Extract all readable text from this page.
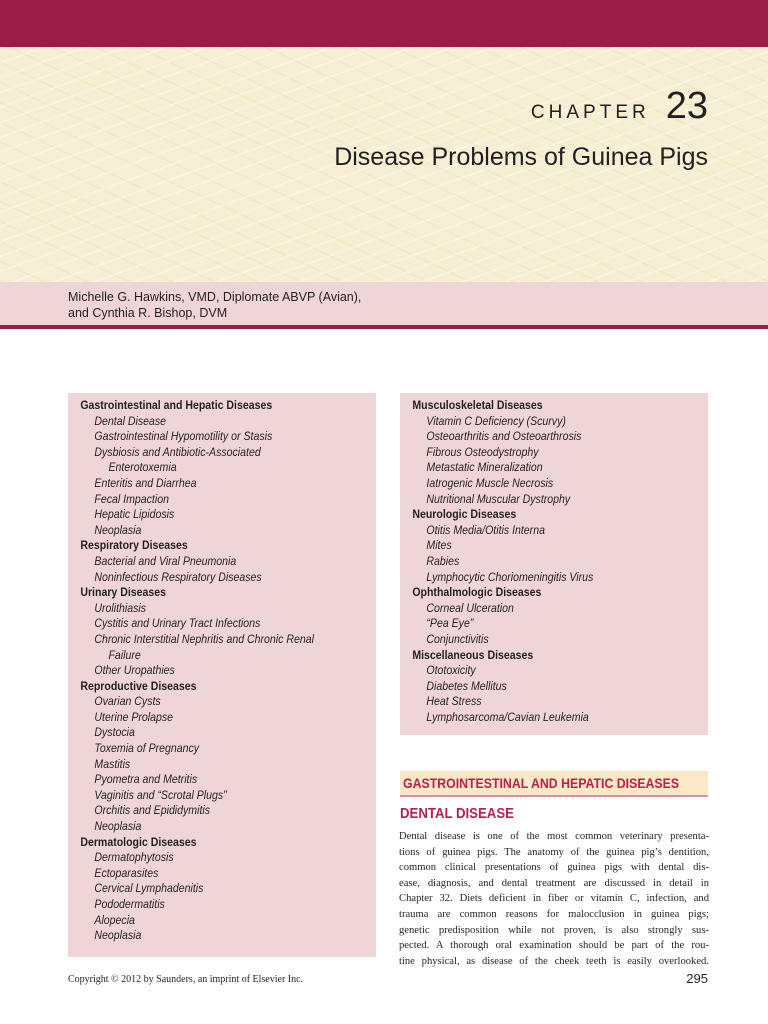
CHAPTER 23
Disease Problems of Guinea Pigs
Michelle G. Hawkins, VMD, Diplomate ABVP (Avian),
and Cynthia R. Bishop, DVM
Gastrointestinal and Hepatic Diseases
Dental Disease
Gastrointestinal Hypomotility or Stasis
Dysbiosis and Antibiotic-Associated
Enterotoxemia
Enteritis and Diarrhea
Fecal Impaction
Hepatic Lipidosis
Neoplasia
Respiratory Diseases
Bacterial and Viral Pneumonia
Noninfectious Respiratory Diseases
Urinary Diseases
Urolithiasis
Cystitis and Urinary Tract Infections
Chronic Interstitial Nephritis and Chronic Renal
Failure
Other Uropathies
Reproductive Diseases
Ovarian Cysts
Uterine Prolapse
Dystocia
Toxemia of Pregnancy
Mastitis
Pyometra and Metritis
Vaginitis and “Scrotal Plugs”
Orchitis and Epididymitis
Neoplasia
Dermatologic Diseases
Dermatophytosis
Ectoparasites
Cervical Lymphadenitis
Pododermatitis
Alopecia
Neoplasia
Musculoskeletal Diseases
Vitamin C Deficiency (Scurvy)
Osteoarthritis and Osteoarthrosis
Fibrous Osteodystrophy
Metastatic Mineralization
Iatrogenic Muscle Necrosis
Nutritional Muscular Dystrophy
Neurologic Diseases
Otitis Media/Otitis Interna
Mites
Rabies
Lymphocytic Choriomeningitis Virus
Ophthalmologic Diseases
Corneal Ulceration
“Pea Eye”
Conjunctivitis
Miscellaneous Diseases
Ototoxicity
Diabetes Mellitus
Heat Stress
Lymphosarcoma/Cavian Leukemia
GASTROINTESTINAL AND HEPATIC DISEASES
DENTAL DISEASE
Dental disease is one of the most common veterinary presenta-
tions of guinea pigs. The anatomy of the guinea pig’s dentition,
common clinical presentations of guinea pigs with dental dis-
ease, diagnosis, and dental treatment are discussed in detail in
Chapter 32. Diets deficient in fiber or vitamin C, infection, and
trauma are common reasons for malocclusion in guinea pigs;
genetic predisposition while not proven, is also strongly sus-
pected. A thorough oral examination should be part of the rou-
tine physical, as disease of the cheek teeth is easily overlooked.
Copyright © 2012 by Saunders, an imprint of Elsevier Inc.	295
